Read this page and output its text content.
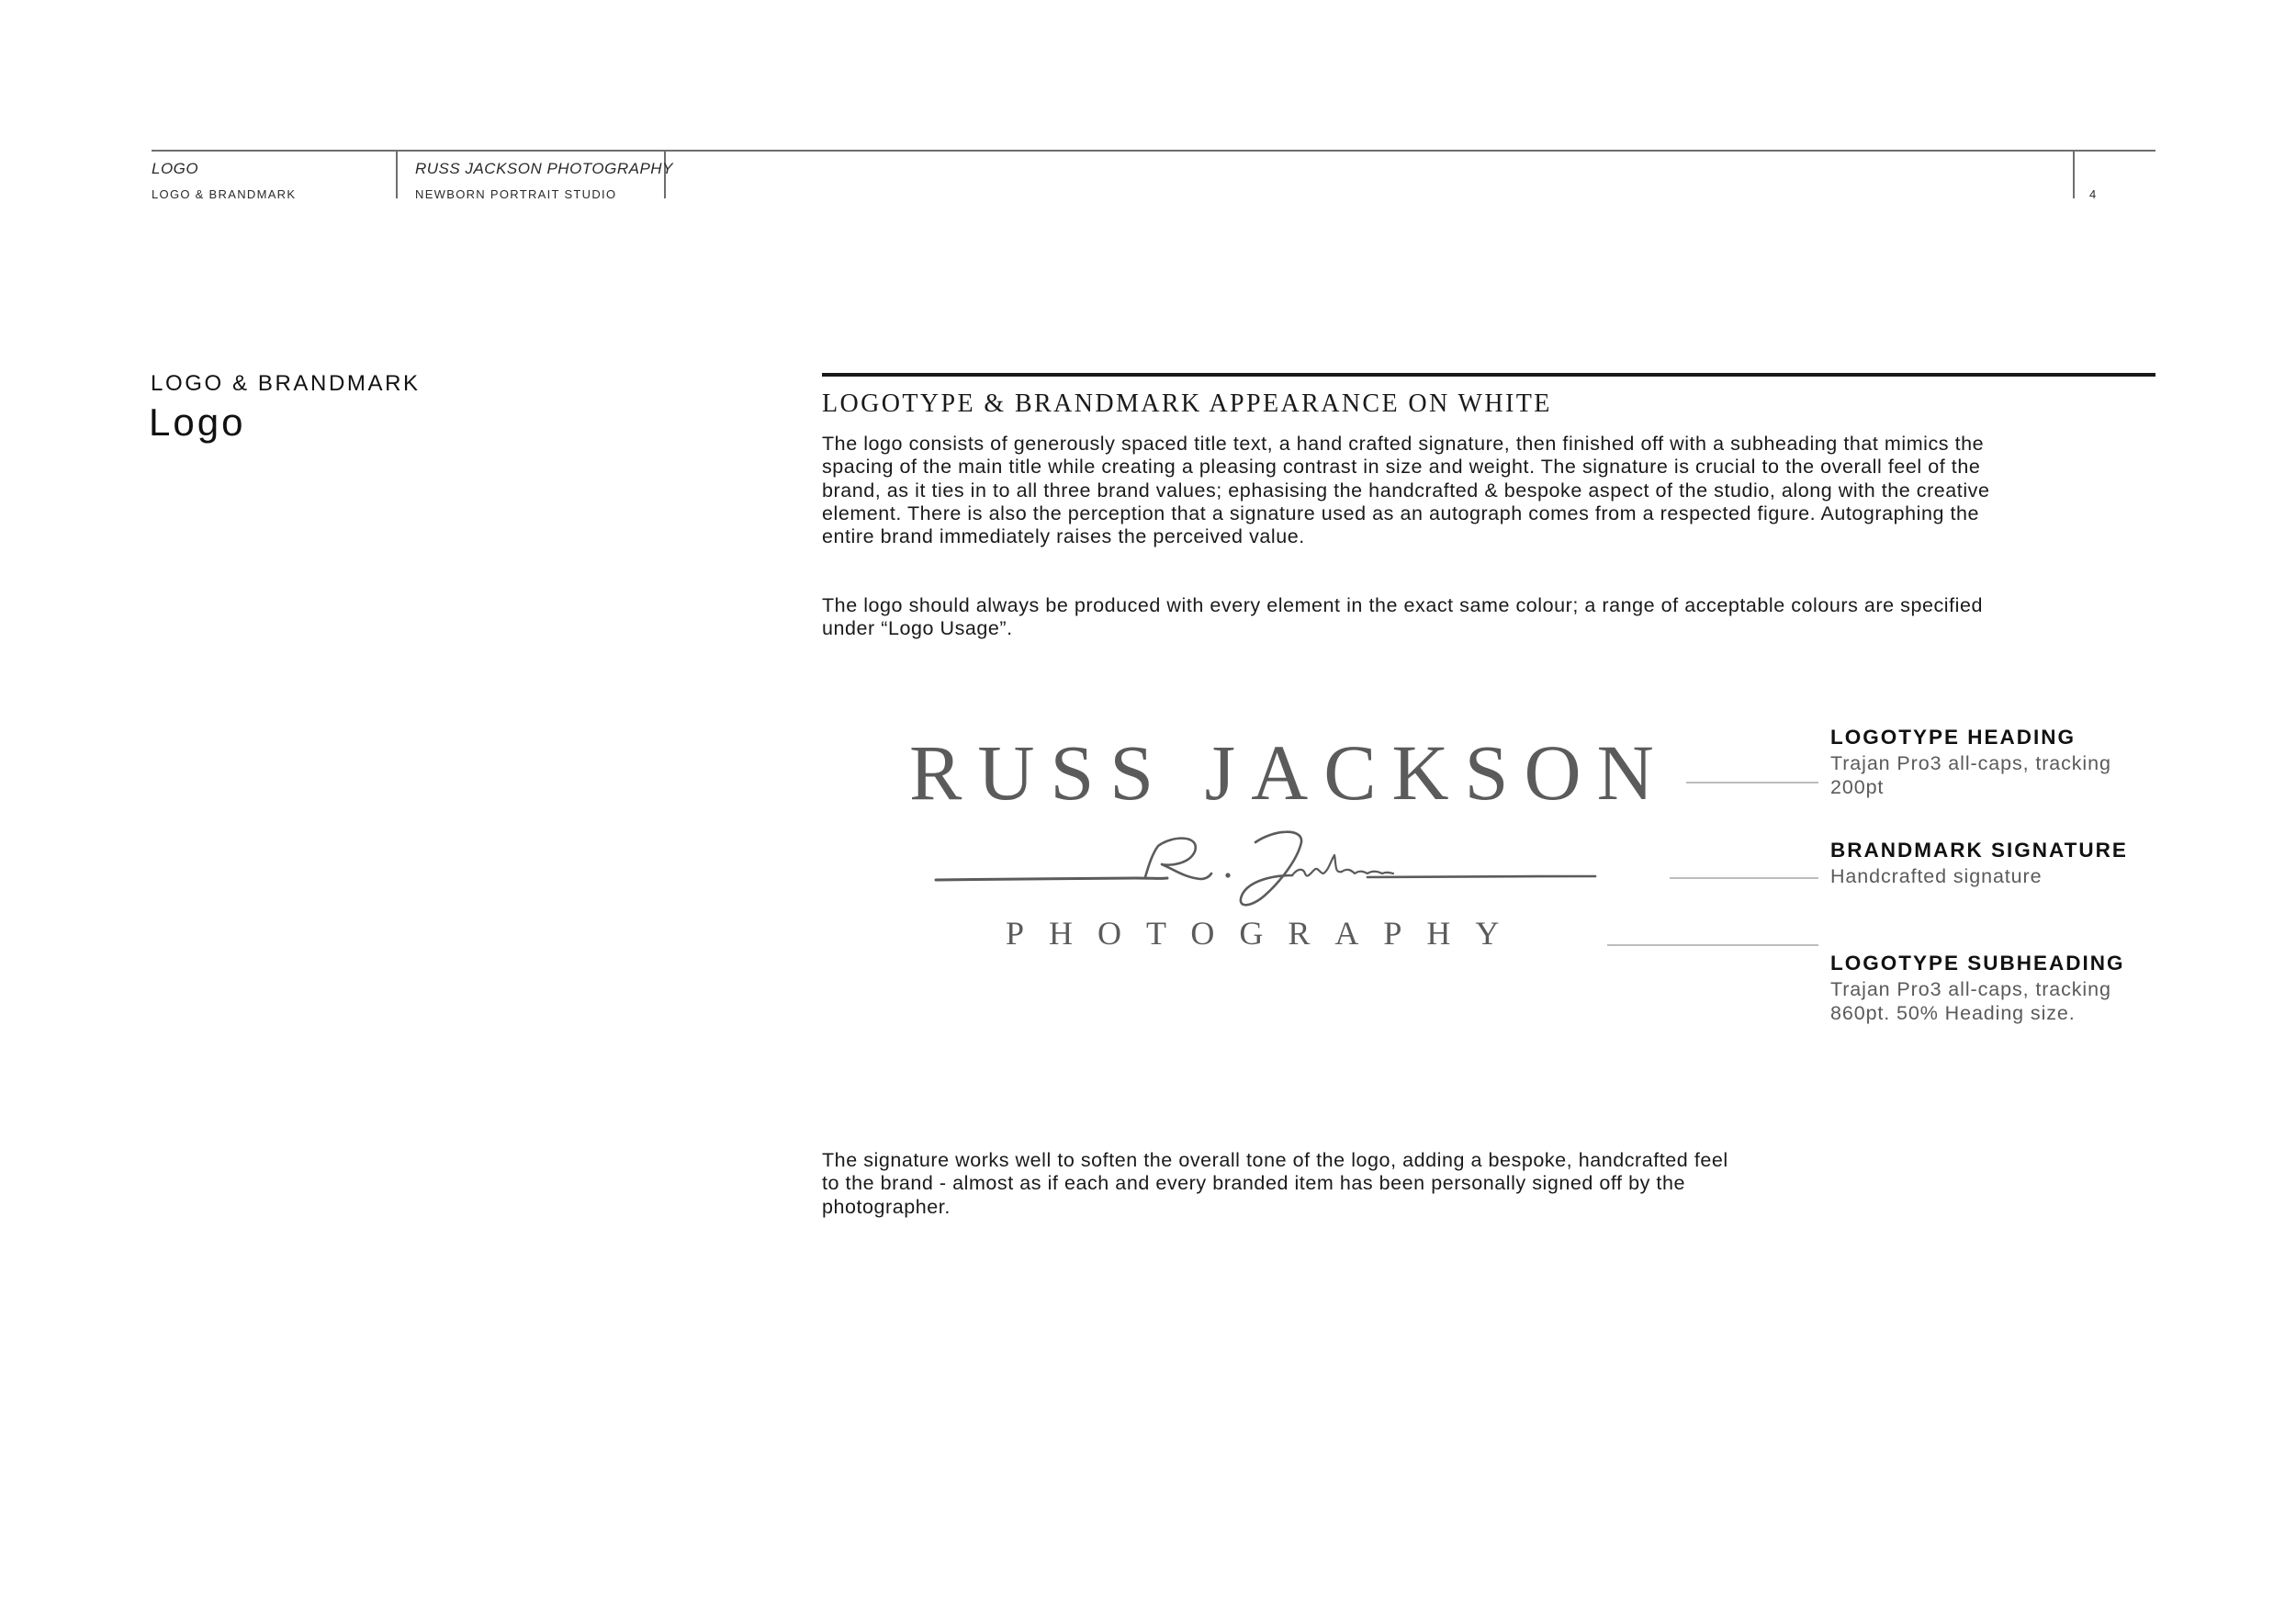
LOGO
LOGO & BRANDMARK
RUSS JACKSON PHOTOGRAPHY
NEWBORN PORTRAIT STUDIO	4
LOGO & BRANDMARK
Logo	LOGOTYPE & BRANDMARK APPEARANCE ON WHITE

The logo consists of generously spaced title text, a hand crafted signature, then finished off with a subheading that mimics the spacing of the main title while creating a pleasing contrast in size and weight. The signature is crucial to the overall feel of the brand, as it ties in to all three brand values; ephasising the handcrafted & bespoke aspect of the studio, along with the creative element. There is also the perception that a signature used as an autograph comes from a respected figure. Autographing the entire brand immediately raises the perceived value.

The logo should always be produced with every element in the exact same colour; a range of acceptable colours are specified under “Logo Usage”.

RUSS JACKSON
PHOTOGRAPHY
LOGOTYPE HEADING

Trajan Pro3 all-caps, tracking 200pt

BRANDMARK SIGNATURE

Handcrafted signature

LOGOTYPE SUBHEADING

Trajan Pro3 all-caps, tracking 860pt. 50% Heading size.

The signature works well to soften the overall tone of the logo, adding a bespoke, handcrafted feel to the brand - almost as if each and every branded item has been personally signed off by the photographer.
